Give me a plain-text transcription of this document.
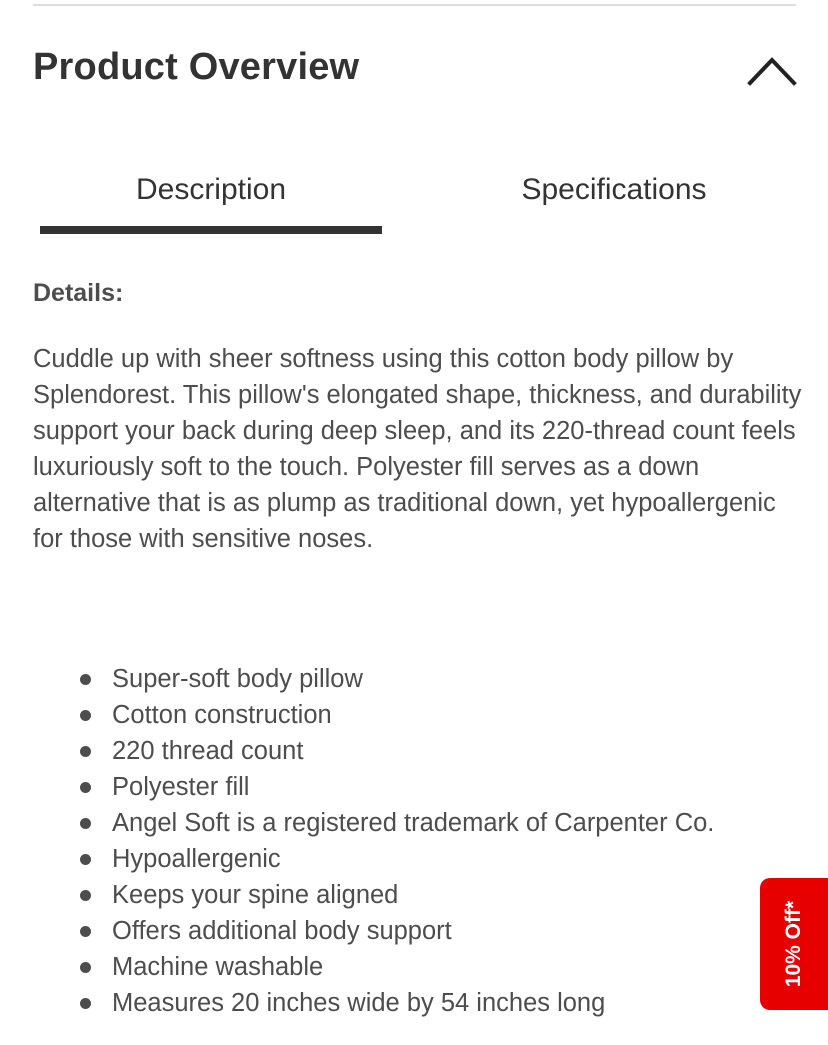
Product Overview
Description	Specifications
Details:

Cuddle up with sheer softness using this cotton body pillow by Splendorest. This pillow's elongated shape, thickness, and durability support your back during deep sleep, and its 220-thread count feels luxuriously soft to the touch. Polyester fill serves as a down alternative that is as plump as traditional down, yet hypoallergenic for those with sensitive noses.

Super-soft body pillow
Cotton construction
220 thread count
Polyester fill
Angel Soft is a registered trademark of Carpenter Co.
Hypoallergenic
Keeps your spine aligned
Offers additional body support
Machine washable
Measures 20 inches wide by 54 inches long
10% Off*
